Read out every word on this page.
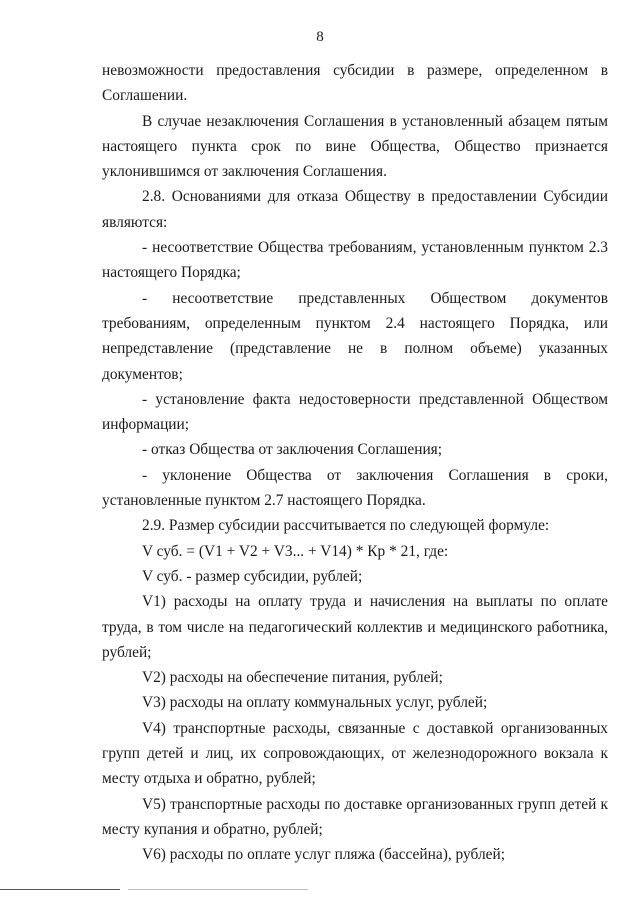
8

невозможности предоставления субсидии в размере, определенном в Соглашении.

В случае незаключения Соглашения в установленный абзацем пятым настоящего пункта срок по вине Общества, Общество признается уклонившимся от заключения Соглашения.

2.8. Основаниями для отказа Обществу в предоставлении Субсидии являются:

- несоответствие Общества требованиям, установленным пунктом 2.3 настоящего Порядка;

- несоответствие представленных Обществом документов требованиям, определенным пунктом 2.4 настоящего Порядка, или непредставление (представление не в полном объеме) указанных документов;

- установление факта недостоверности представленной Обществом информации;

- отказ Общества от заключения Соглашения;

- уклонение Общества от заключения Соглашения в сроки, установленные пунктом 2.7 настоящего Порядка.

2.9. Размер субсидии рассчитывается по следующей формуле:

V суб. = (V1 + V2 + V3... + V14) * Кр * 21, где:

V суб. - размер субсидии, рублей;

V1) расходы на оплату труда и начисления на выплаты по оплате труда, в том числе на педагогический коллектив и медицинского работника, рублей;

V2) расходы на обеспечение питания, рублей;

V3) расходы на оплату коммунальных услуг, рублей;

V4) транспортные расходы, связанные с доставкой организованных групп детей и лиц, их сопровождающих, от железнодорожного вокзала к месту отдыха и обратно, рублей;

V5) транспортные расходы по доставке организованных групп детей к месту купания и обратно, рублей;

V6) расходы по оплате услуг пляжа (бассейна), рублей;
